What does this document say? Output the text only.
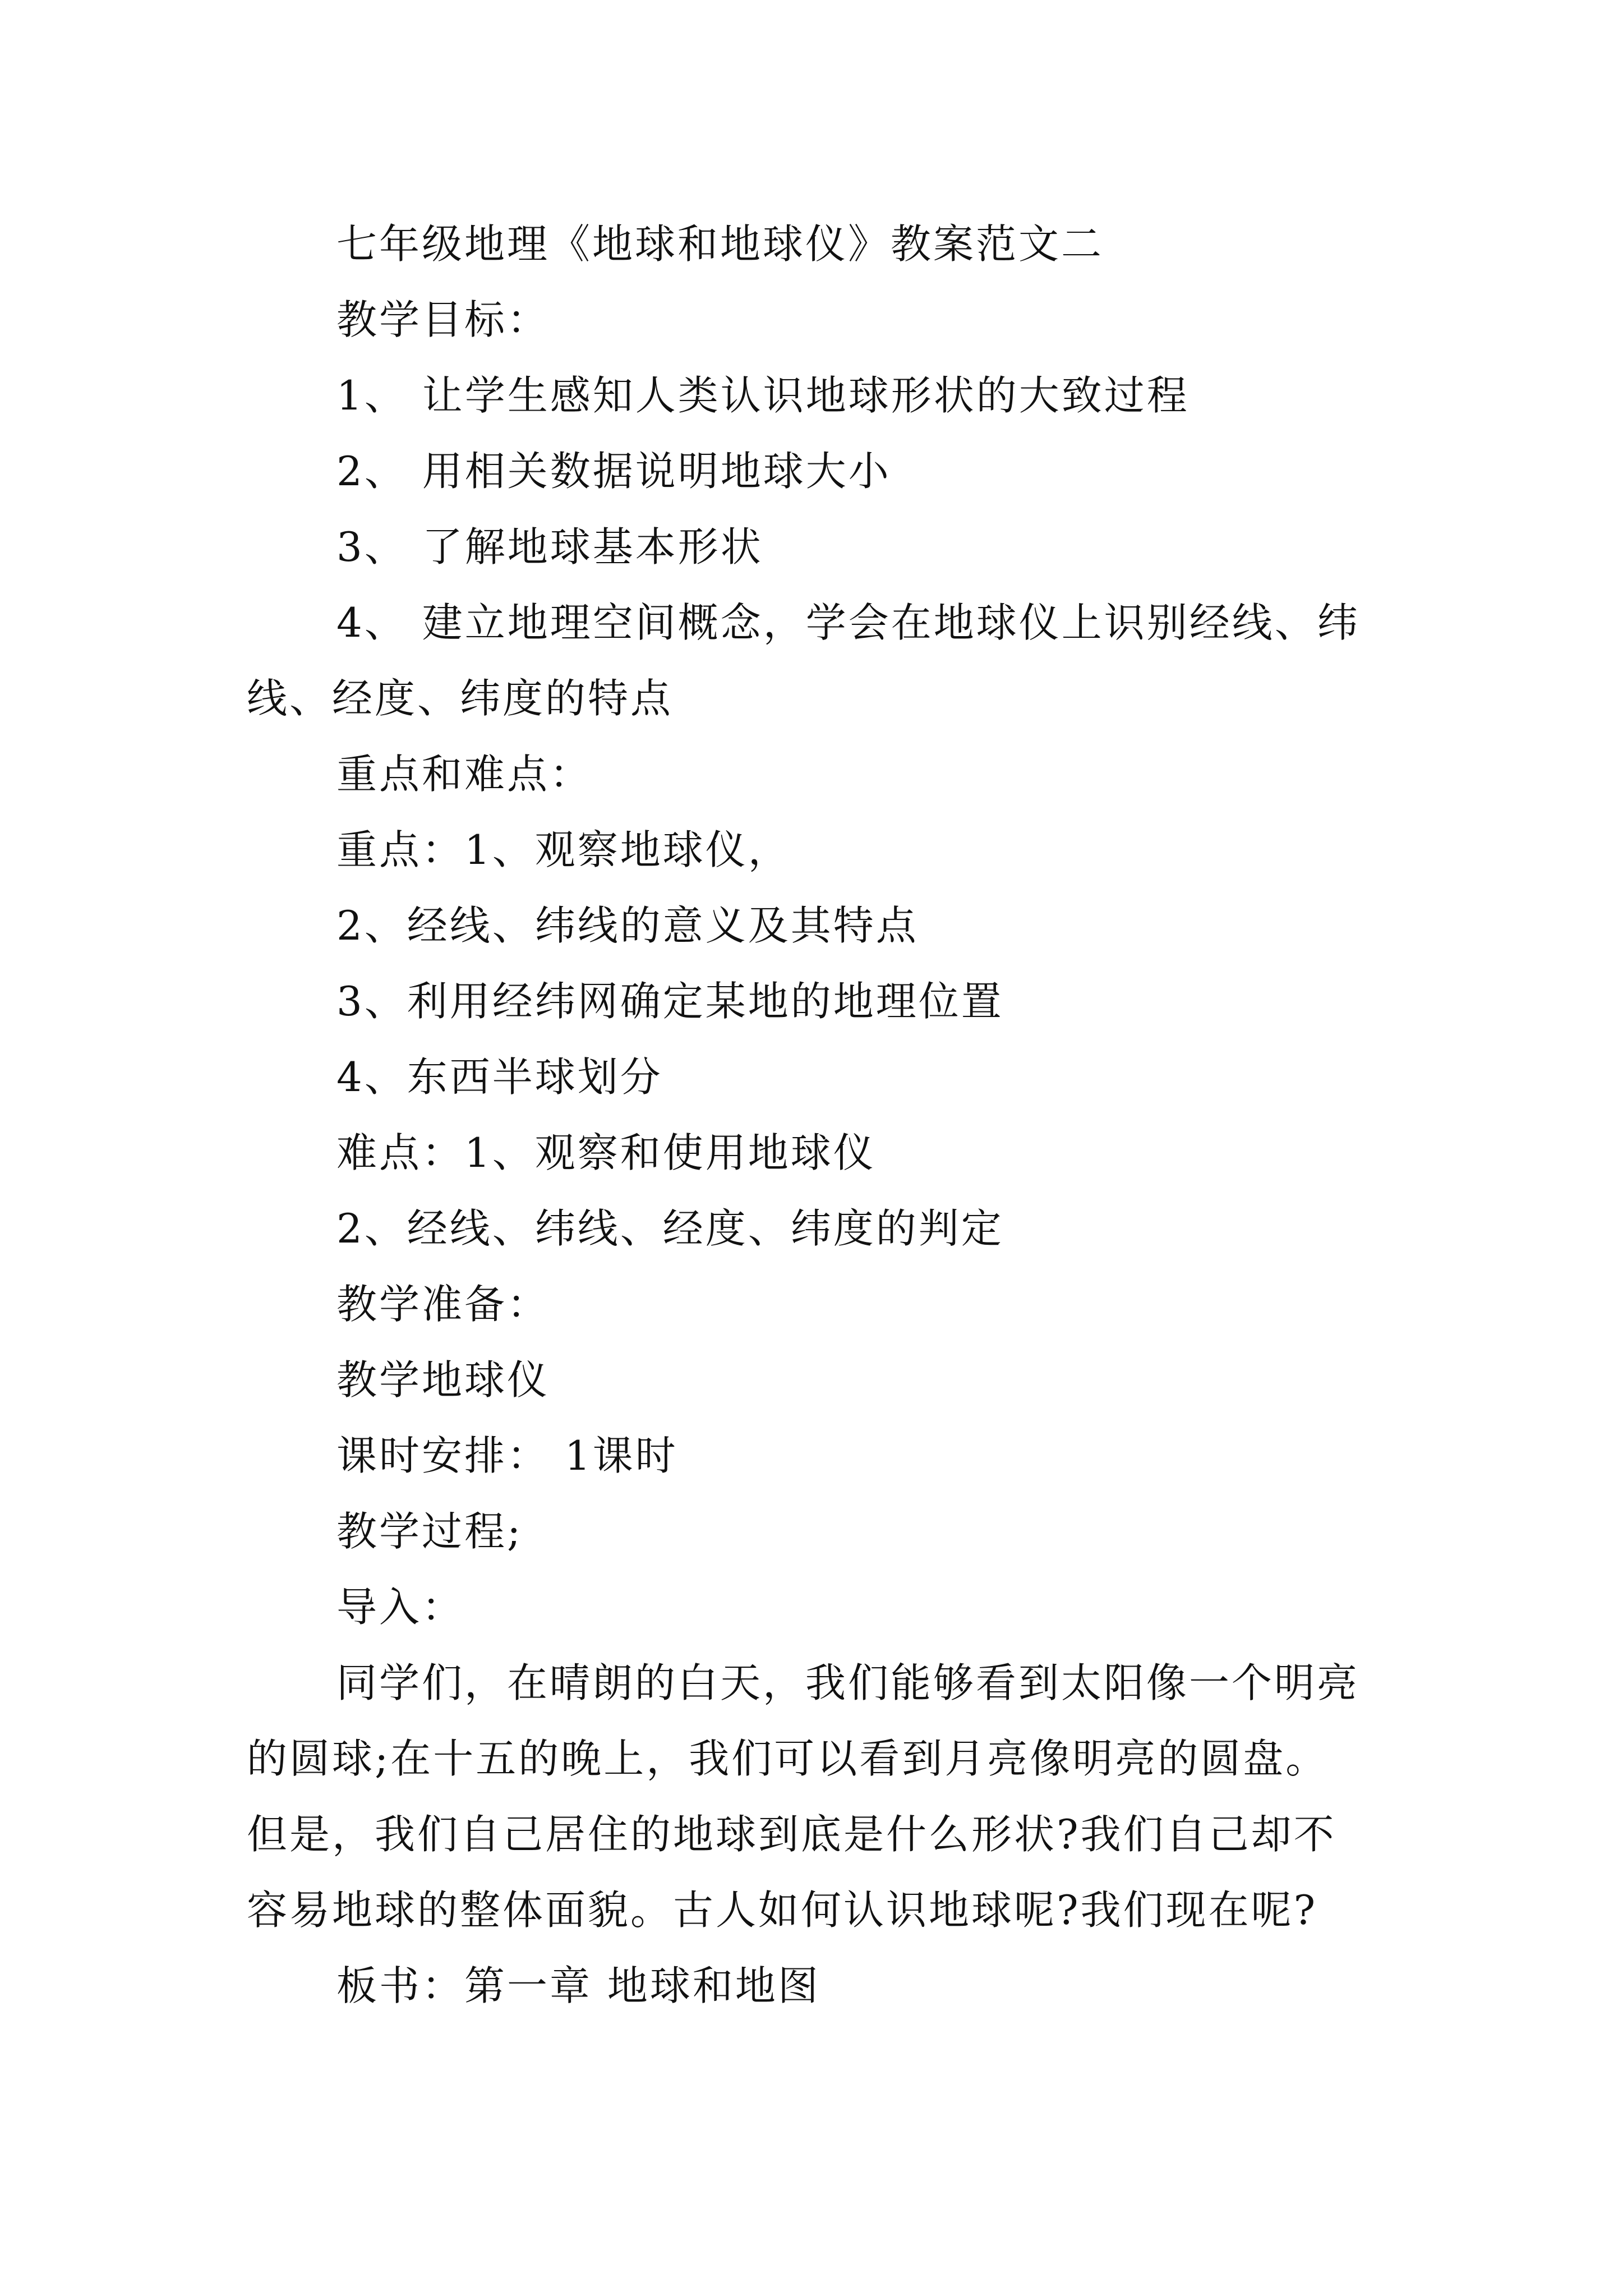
七年级地理《地球和地球仪》教案范文二
教学目标：
1、 让学生感知人类认识地球形状的大致过程
2、 用相关数据说明地球大小
3、 了解地球基本形状
4、 建立地理空间概念，学会在地球仪上识别经线、纬
线、经度、纬度的特点
重点和难点：
重点：1、观察地球仪，
2、经线、纬线的意义及其特点
3、利用经纬网确定某地的地理位置
4、东西半球划分
难点：1、观察和使用地球仪
2、经线、纬线、经度、纬度的判定
教学准备：
教学地球仪
课时安排： 1课时
教学过程;
导入：
同学们，在晴朗的白天，我们能够看到太阳像一个明亮
的圆球;在十五的晚上，我们可以看到月亮像明亮的圆盘。
但是，我们自己居住的地球到底是什么形状?我们自己却不
容易地球的整体面貌。古人如何认识地球呢?我们现在呢?
板书：第一章 地球和地图
